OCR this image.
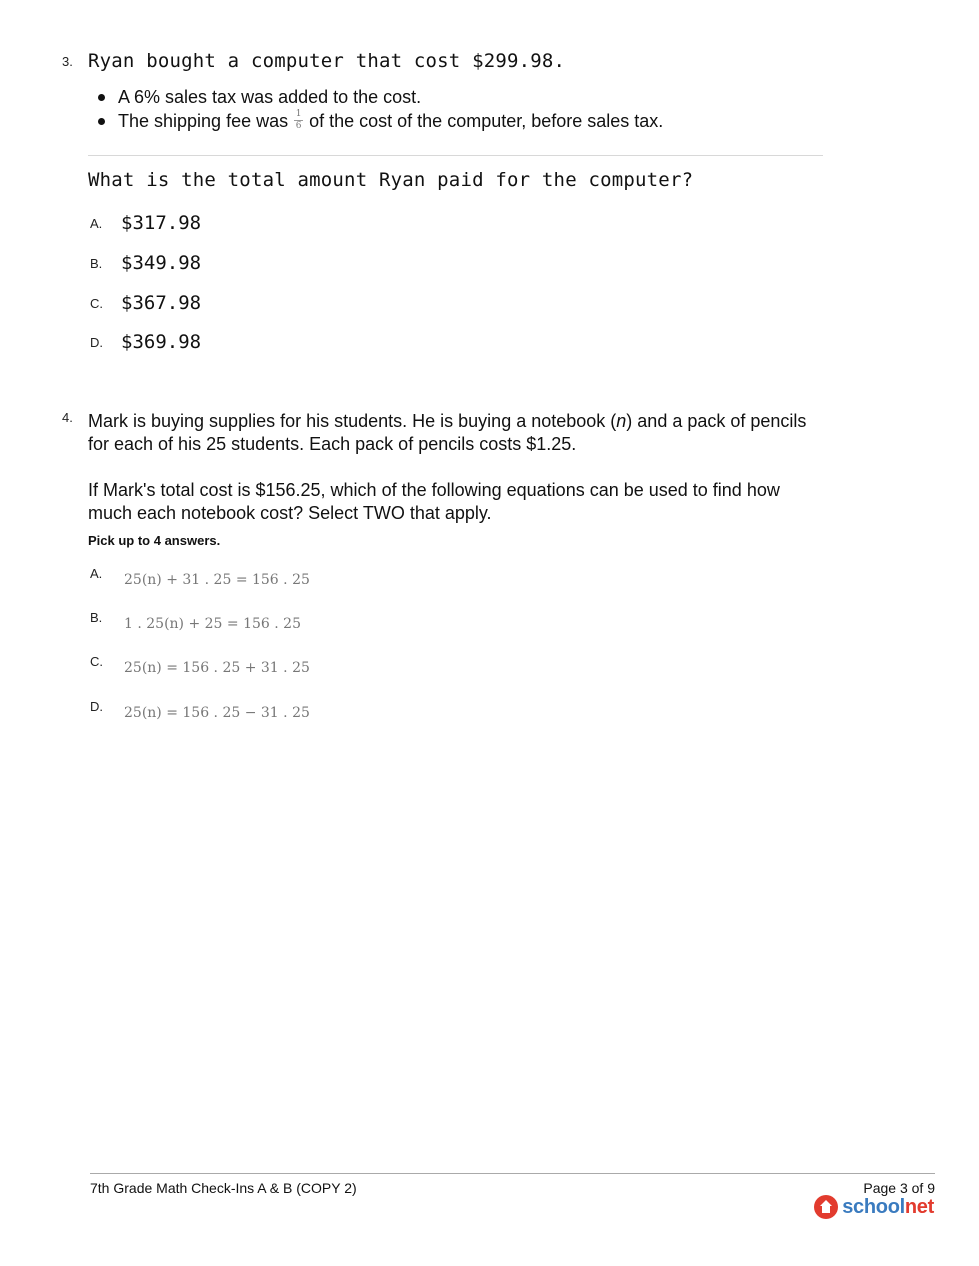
3. Ryan bought a computer that cost $299.98.
A 6% sales tax was added to the cost.
The shipping fee was $\frac{1}{6}$ of the cost of the computer, before sales tax.
What is the total amount Ryan paid for the computer?
A. $317.98
B. $349.98
C. $367.98
D. $369.98
4. Mark is buying supplies for his students. He is buying a notebook (n) and a pack of pencils for each of his 25 students. Each pack of pencils costs $1.25.
If Mark's total cost is $156.25, which of the following equations can be used to find how much each notebook cost? Select TWO that apply.
Pick up to 4 answers.
A. 25(n) + 31 . 25 = 156 . 25
B. 1 . 25(n) + 25 = 156 . 25
C. 25(n) = 156 . 25 + 31 . 25
D. 25(n) = 156 . 25 − 31 . 25
7th Grade Math Check-Ins A & B (COPY 2)	Page 3 of 9
schoolnet
